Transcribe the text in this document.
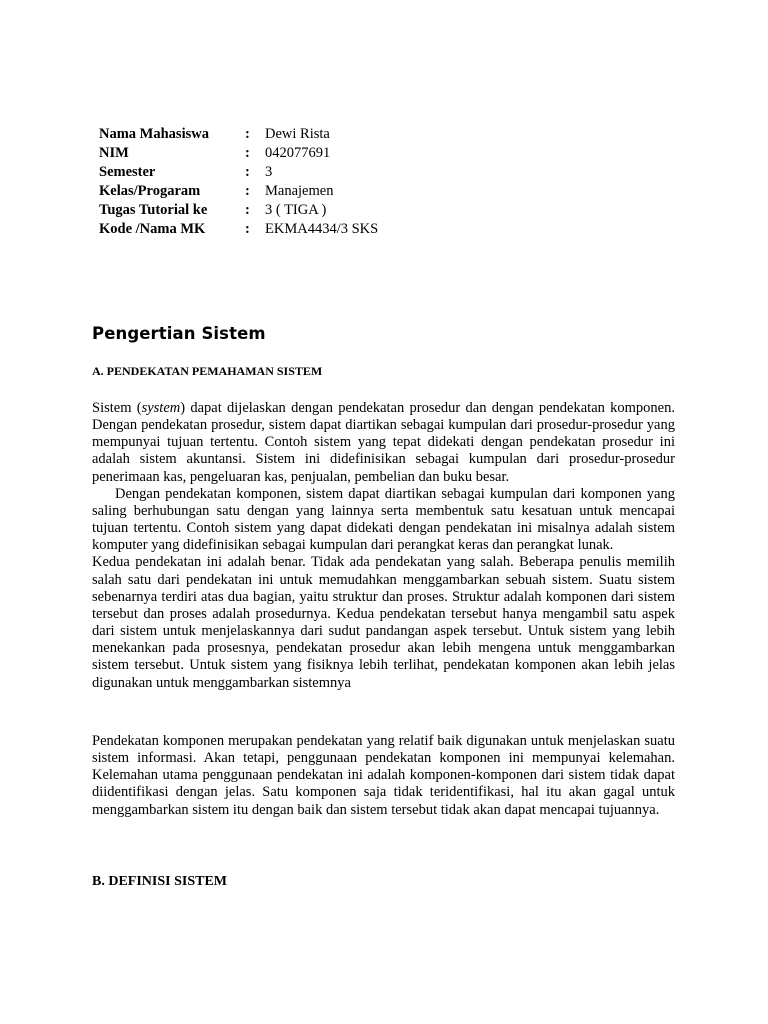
Nama Mahasiswa	:	Dewi Rista
NIM	:	042077691
Semester	:	3
Kelas/Progaram	:	Manajemen
Tugas Tutorial ke	:	3 ( TIGA )
Kode /Nama MK	:	EKMA4434/3 SKS
Pengertian Sistem
A. PENDEKATAN PEMAHAMAN SISTEM

Sistem (system) dapat dijelaskan dengan pendekatan prosedur dan dengan pendekatan komponen. Dengan pendekatan prosedur, sistem dapat diartikan sebagai kumpulan dari prosedur-prosedur yang mempunyai tujuan tertentu. Contoh sistem yang tepat didekati dengan pendekatan prosedur ini adalah sistem akuntansi. Sistem ini didefinisikan sebagai kumpulan dari prosedur-prosedur penerimaan kas, pengeluaran kas, penjualan, pembelian dan buku besar.

Dengan pendekatan komponen, sistem dapat diartikan sebagai kumpulan dari komponen yang saling berhubungan satu dengan yang lainnya serta membentuk satu kesatuan untuk mencapai tujuan tertentu. Contoh sistem yang dapat didekati dengan pendekatan ini misalnya adalah sistem komputer yang didefinisikan sebagai kumpulan dari perangkat keras dan perangkat lunak.

Kedua pendekatan ini adalah benar. Tidak ada pendekatan yang salah. Beberapa penulis memilih salah satu dari pendekatan ini untuk memudahkan menggambarkan sebuah sistem. Suatu sistem sebenarnya terdiri atas dua bagian, yaitu struktur dan proses. Struktur adalah komponen dari sistem tersebut dan proses adalah prosedurnya. Kedua pendekatan tersebut hanya mengambil satu aspek dari sistem untuk menjelaskannya dari sudut pandangan aspek tersebut. Untuk sistem yang lebih menekankan pada prosesnya, pendekatan prosedur akan lebih mengena untuk menggambarkan sistem tersebut. Untuk sistem yang fisiknya lebih terlihat, pendekatan komponen akan lebih jelas digunakan untuk menggambarkan sistemnya

Pendekatan komponen merupakan pendekatan yang relatif baik digunakan untuk menjelaskan suatu sistem informasi. Akan tetapi, penggunaan pendekatan komponen ini mempunyai kelemahan. Kelemahan utama penggunaan pendekatan ini adalah komponen-komponen dari sistem tidak dapat diidentifikasi dengan jelas. Satu komponen saja tidak teridentifikasi, hal itu akan gagal untuk menggambarkan sistem itu dengan baik dan sistem tersebut tidak akan dapat mencapai tujuannya.

B. DEFINISI SISTEM
